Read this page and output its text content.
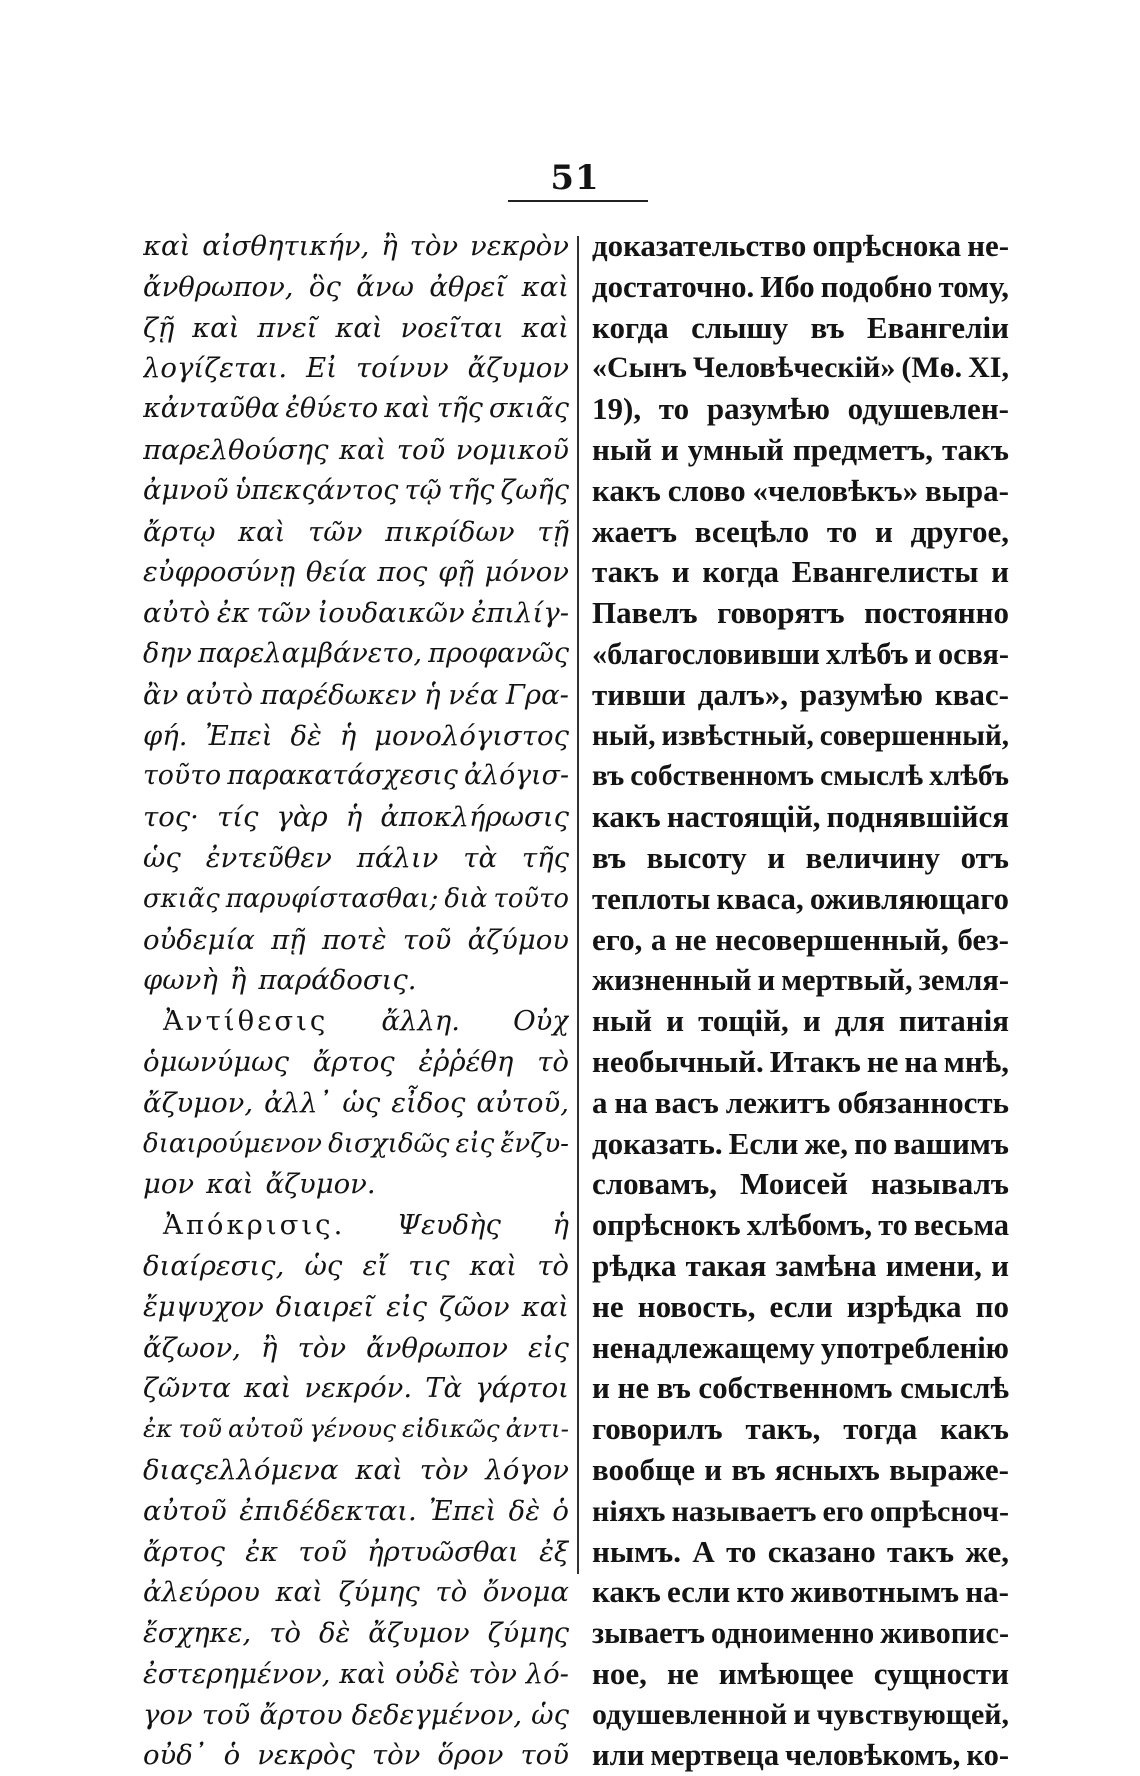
51
καὶ αἰσθητικήν, ἢ τὸν νεκρὸν
ἄνθρωπον, ὃς ἄνω ἀθρεῖ καὶ
ζῇ καὶ πνεῖ καὶ νοεῖται καὶ
λογίζεται. Εἰ τοίνυν ἄζυμον
κἀνταῦθα ἐθύετο καὶ τῆς σκιᾶς
παρελθούσης καὶ τοῦ νομικοῦ
ἀμνοῦ ὑπεκςάντος τῷ τῆς ζωῆς
ἄρτῳ καὶ τῶν πικρίδων τῇ
εὐφροσύνῃ θεία πος φῇ μόνον
αὐτὸ ἐκ τῶν ἰουδαικῶν ἐπιλίγ-
δην παρελαμβάνετο, προφανῶς
ἂν αὐτὸ παρέδωκεν ἡ νέα Γρα-
φή. Ἐπεὶ δὲ ἡ μονολόγιστος
τοῦτο παρακατάσχεσις ἀλόγισ-
τος· τίς γὰρ ἡ ἀποκλήρωσις
ὡς ἐντεῦθεν πάλιν τὰ τῆς
σκιᾶς παρυφίστασθαι; διὰ τοῦτο
οὐδεμία πῇ ποτὲ τοῦ ἀζύμου
φωνὴ ἢ παράδοσις.
Ἀντίθεσις ἄλλη. Οὐχ
ὁμωνύμως ἄρτος ἐῤῥέθη τὸ
ἄζυμον, ἀλλ᾽ ὡς εἶδος αὐτοῦ,
διαιρούμενον δισχιδῶς εἰς ἔνζυ-
μον καὶ ἄζυμον.
Ἀπόκρισις. Ψευδὴς ἡ
διαίρεσις, ὡς εἴ τις καὶ τὸ
ἔμψυχον διαιρεῖ εἰς ζῶον καὶ
ἄζωον, ἢ τὸν ἄνθρωπον εἰς
ζῶντα καὶ νεκρόν. Τὰ γάρτοι
ἐκ τοῦ αὐτοῦ γένους εἰδικῶς ἀντι-
διαςελλόμενα καὶ τὸν λόγον
αὐτοῦ ἐπιδέδεκται. Ἐπεὶ δὲ ὁ
ἄρτος ἐκ τοῦ ἠρτυῶσθαι ἐξ
ἀλεύρου καὶ ζύμης τὸ ὄνομα
ἔσχηκε, τὸ δὲ ἄζυμον ζύμης
ἐστερημένον, καὶ οὐδὲ τὸν λό-
γον τοῦ ἄρτου δεδεγμένον, ὡς
οὐδ᾽ ὁ νεκρὸς τὸν ὅρον τοῦ
доказательство опрѣснока не-
достаточно. Ибо подобно тому,
когда слышу въ Евангеліи
«Сынъ Человѣческій» (Мѳ. XI,
19), то разумѣю одушевлен-
ный и умный предметъ, такъ
какъ слово «человѣкъ» выра-
жаетъ всецѣло то и другое,
такъ и когда Евангелисты и
Павелъ говорятъ постоянно
«благословивши хлѣбъ и освя-
тивши далъ», разумѣю квас-
ный, извѣстный, совершенный,
въ собственномъ смыслѣ хлѣбъ
какъ настоящій, поднявшійся
въ высоту и величину отъ
теплоты кваса, оживляющаго
его, а не несовершенный, без-
жизненный и мертвый, земля-
ный и тощій, и для питанія
необычный. Итакъ не на мнѣ,
а на васъ лежитъ обязанность
доказать. Если же, по вашимъ
словамъ, Моисей называлъ
опрѣснокъ хлѣбомъ, то весьма
рѣдка такая замѣна имени, и
не новость, если изрѣдка по
ненадлежащему употребленію
и не въ собственномъ смыслѣ
говорилъ такъ, тогда какъ
вообще и въ ясныхъ выраже-
ніяхъ называетъ его опрѣсноч-
нымъ. А то сказано такъ же,
какъ если кто животнымъ на-
зываетъ одноименно живопис-
ное, не имѣющее сущности
одушевленной и чувствующей,
или мертвеца человѣкомъ, ко-
